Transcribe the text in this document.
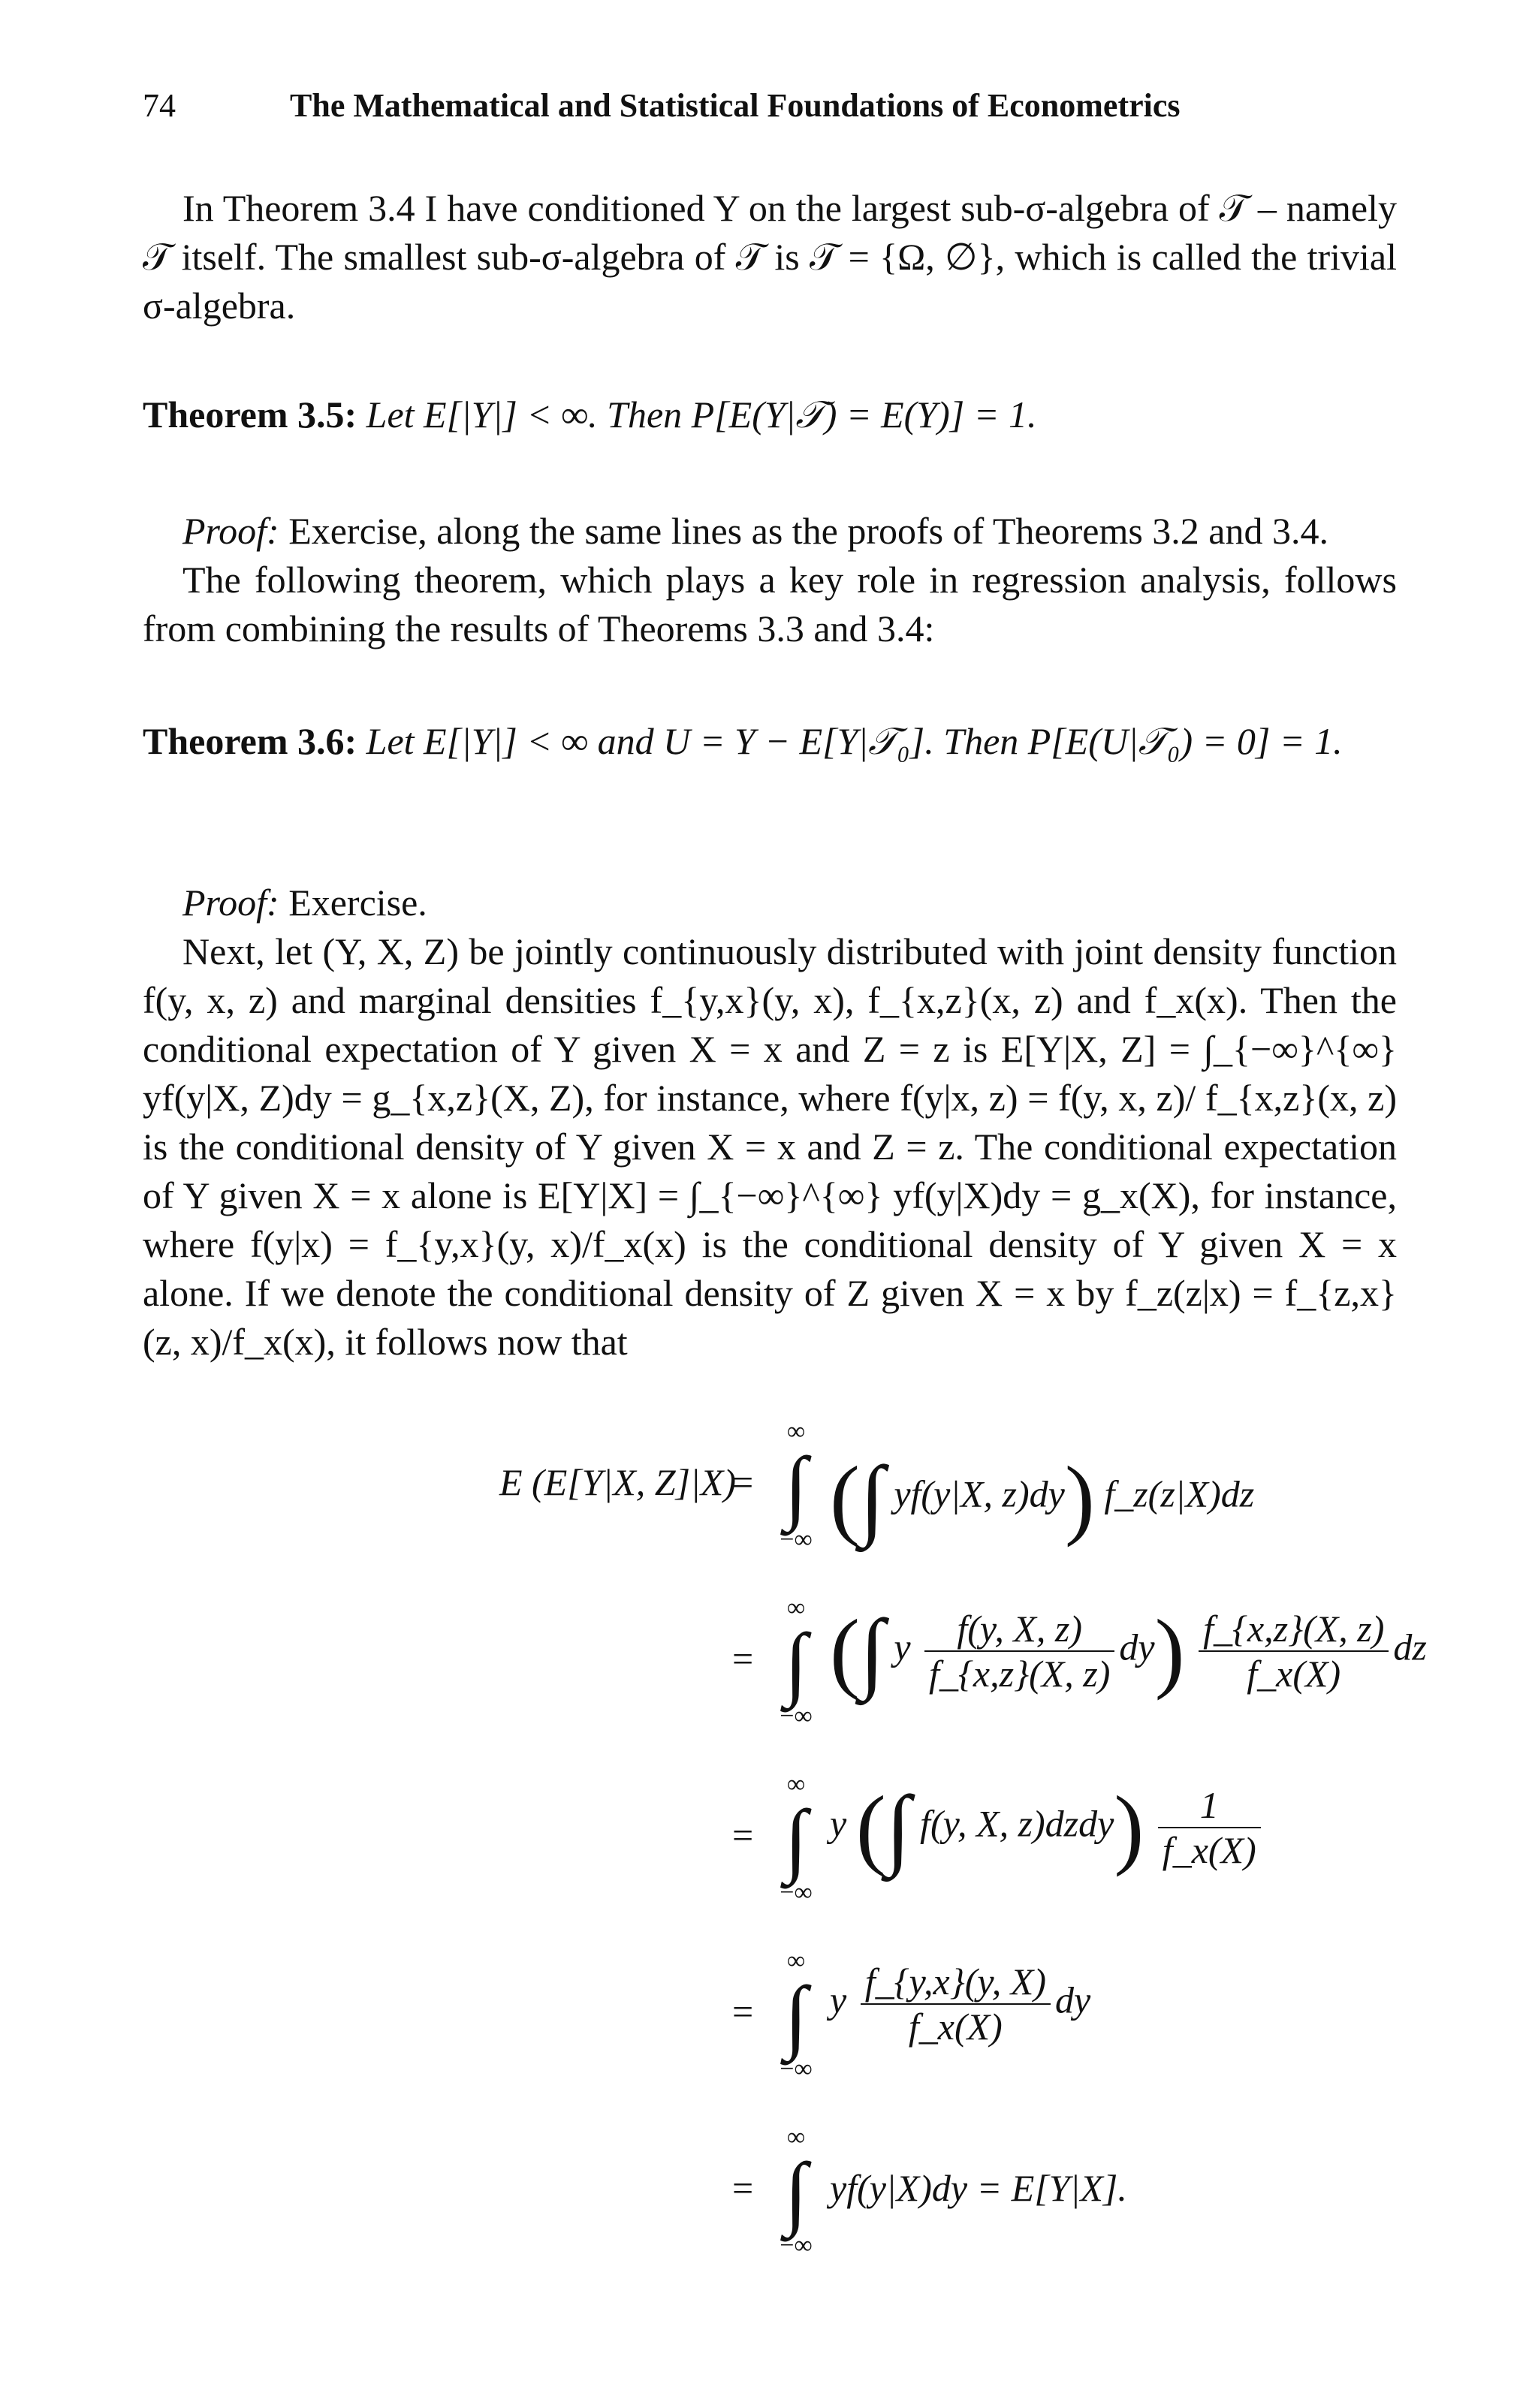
74	The Mathematical and Statistical Foundations of Econometrics
In Theorem 3.4 I have conditioned Y on the largest sub-σ-algebra of 𝒯 – namely 𝒯 itself. The smallest sub-σ-algebra of 𝒯 is 𝒯 = {Ω, ∅}, which is called the trivial σ-algebra.
Theorem 3.5: Let E[|Y|] < ∞. Then P[E(Y|𝒯) = E(Y)] = 1.
Proof: Exercise, along the same lines as the proofs of Theorems 3.2 and 3.4.
The following theorem, which plays a key role in regression analysis, follows from combining the results of Theorems 3.3 and 3.4:
Theorem 3.6: Let E[|Y|] < ∞ and U = Y − E[Y|𝒯₀]. Then P[E(U|𝒯₀) = 0] = 1.
Proof: Exercise.
Next, let (Y, X, Z) be jointly continuously distributed with joint density function f(y, x, z) and marginal densities f_{y,x}(y, x), f_{x,z}(x, z) and f_x(x). Then the conditional expectation of Y given X = x and Z = z is E[Y|X, Z] = ∫_{−∞}^{∞} yf(y|X, Z)dy = g_{x,z}(X, Z), for instance, where f(y|x, z) = f(y, x, z)/ f_{x,z}(x, z) is the conditional density of Y given X = x and Z = z. The conditional expectation of Y given X = x alone is E[Y|X] = ∫_{−∞}^{∞} yf(y|X)dy = g_x(X), for instance, where f(y|x) = f_{y,x}(y, x)/f_x(x) is the conditional density of Y given X = x alone. If we denote the conditional density of Z given X = x by f_z(z|x) = f_{z,x}(z, x)/f_x(x), it follows now that
E (E[Y|X, Z]|X)
=
∞
∫
−∞ (∫ yf(y|X, z)dy) f_z(z|X)dz
=
∞
∫
−∞
(∫ y $\frac{f(y, X, z)}{f\_\{x,z\}(X, z)} dy) \frac{f\_\{x,z\}(X, z)}{f\_x(X)}$ dz
=
∞
∫
−∞
y (∫ f(y, X, z)dzdy) $\frac{1}{f\_x(X)}$
=
∞
∫
−∞
y $\frac{f\_\{y,x\}(y, X)}{f\_x(X)}$ dy
=
∞
∫
−∞
yf(y|X)dy = E[Y|X].
